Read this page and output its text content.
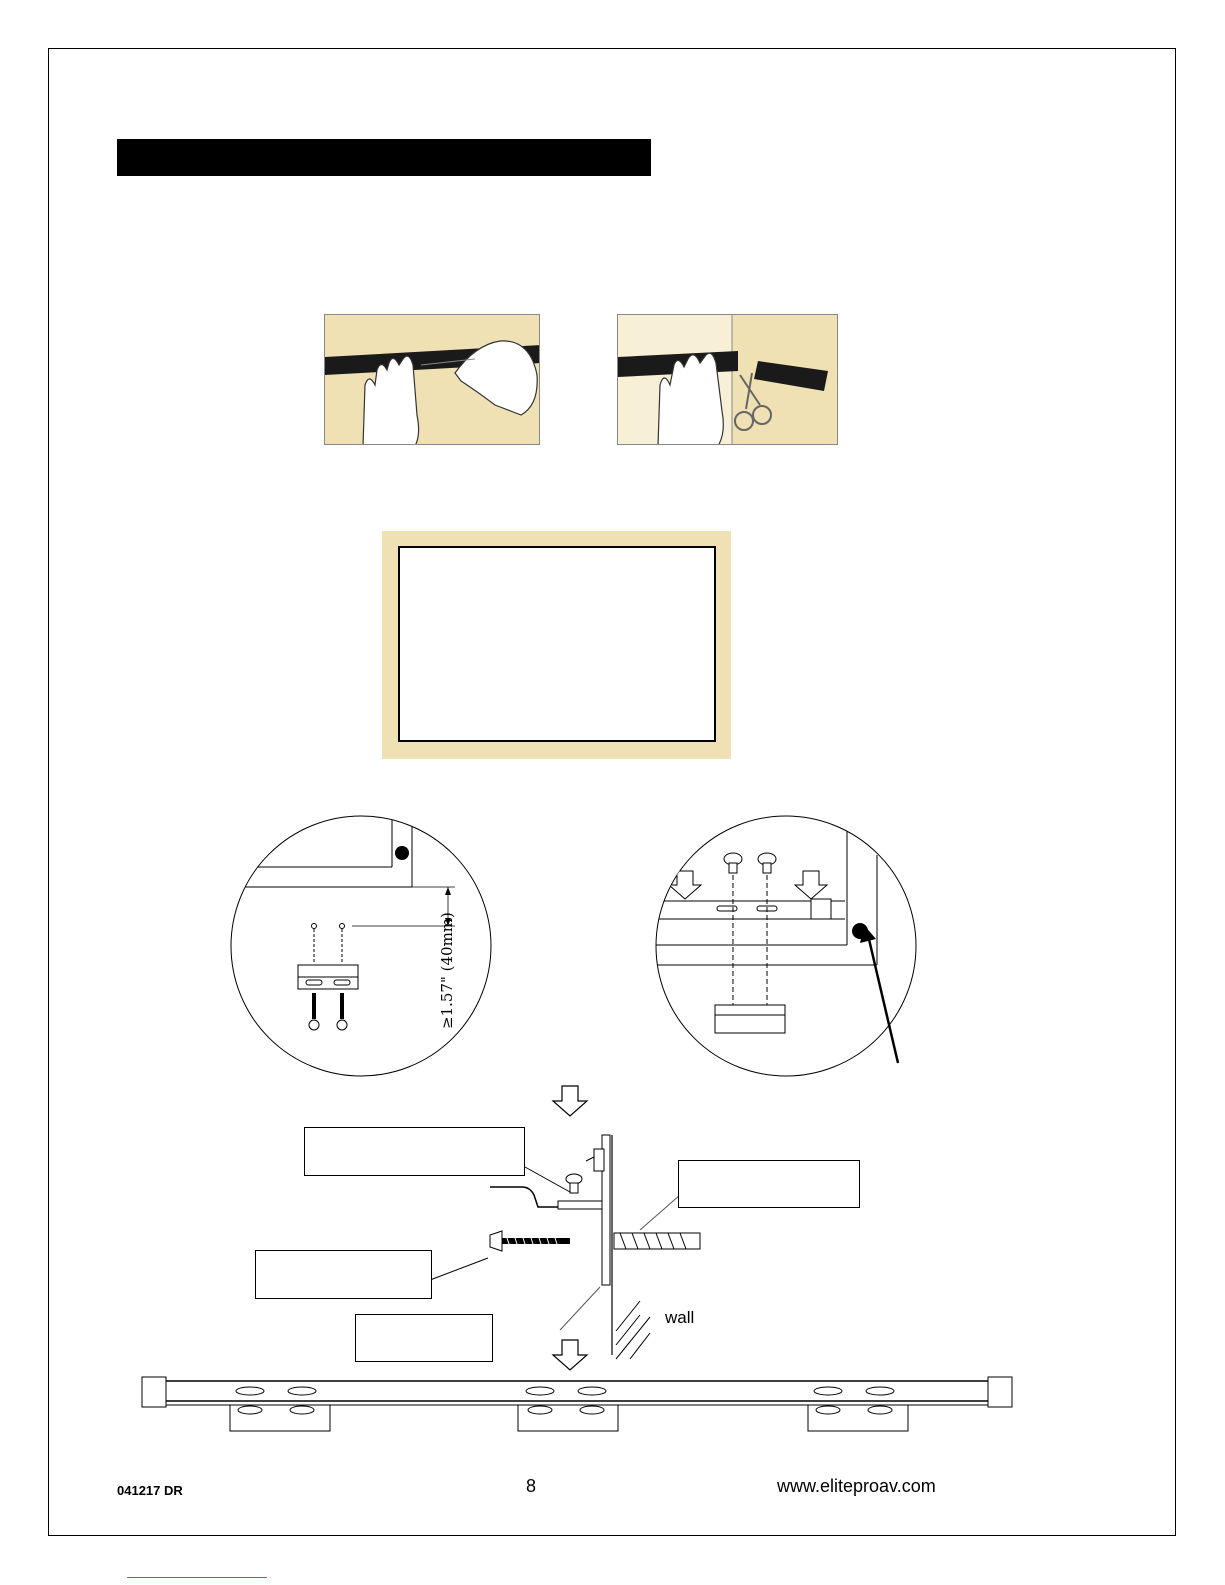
≥1.57" (40mm)
wall
041217 DR	8	www.eliteproav.com
